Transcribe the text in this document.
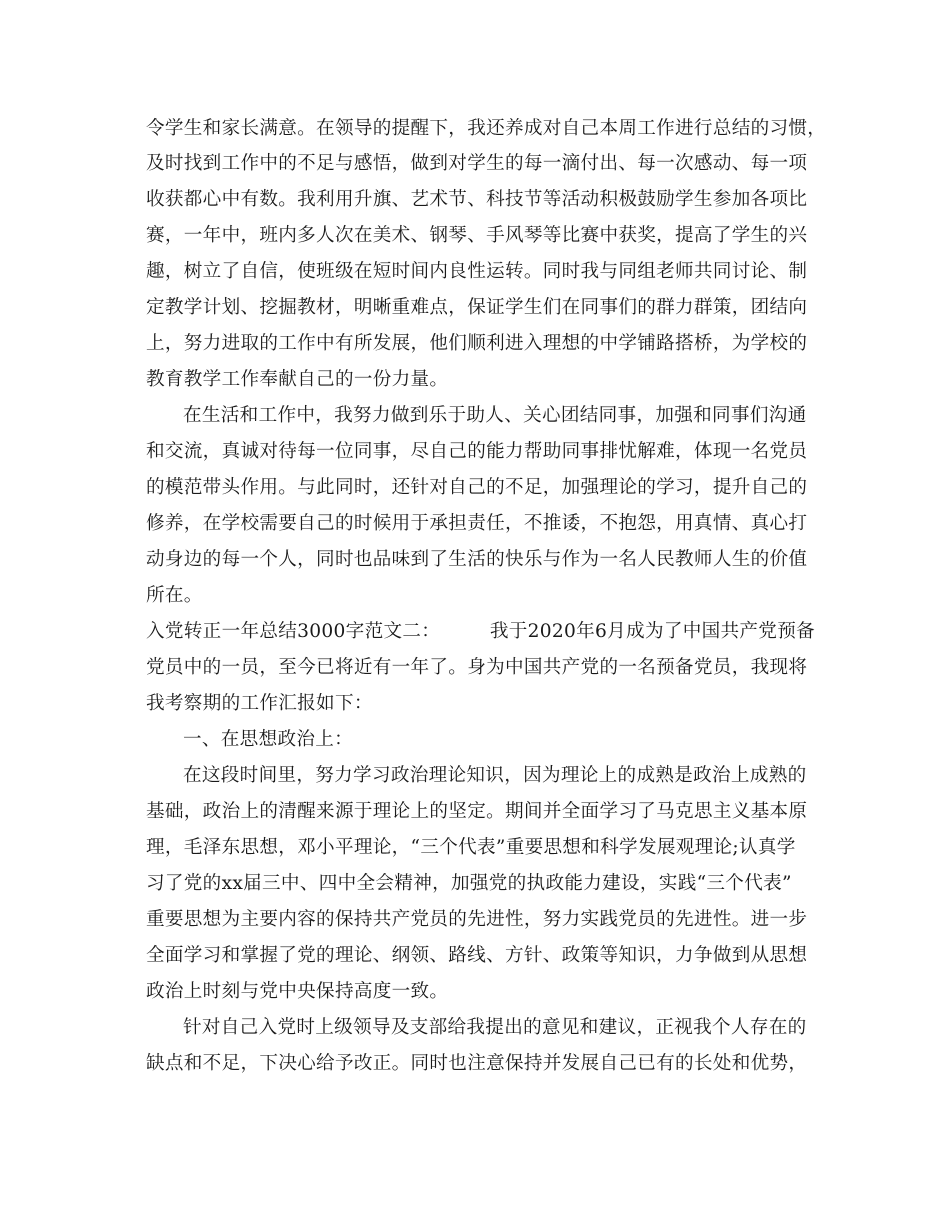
令学生和家长满意。在领导的提醒下，我还养成对自己本周工作进行总结的习惯，
及时找到工作中的不足与感悟，做到对学生的每一滴付出、每一次感动、每一项
收获都心中有数。我利用升旗、艺术节、科技节等活动积极鼓励学生参加各项比
赛，一年中，班内多人次在美术、钢琴、手风琴等比赛中获奖，提高了学生的兴
趣，树立了自信，使班级在短时间内良性运转。同时我与同组老师共同讨论、制
定教学计划、挖掘教材，明晰重难点，保证学生们在同事们的群力群策，团结向
上，努力进取的工作中有所发展，他们顺利进入理想的中学铺路搭桥，为学校的
教育教学工作奉献自己的一份力量。
在生活和工作中，我努力做到乐于助人、关心团结同事，加强和同事们沟通
和交流，真诚对待每一位同事，尽自己的能力帮助同事排忧解难，体现一名党员
的模范带头作用。与此同时，还针对自己的不足，加强理论的学习，提升自己的
修养，在学校需要自己的时候用于承担责任，不推诿，不抱怨，用真情、真心打
动身边的每一个人，同时也品味到了生活的快乐与作为一名人民教师人生的价值
所在。
入党转正一年总结3000字范文二：        我于2020年6月成为了中国共产党预备
党员中的一员，至今已将近有一年了。身为中国共产党的一名预备党员，我现将
我考察期的工作汇报如下：
一、在思想政治上：
在这段时间里，努力学习政治理论知识，因为理论上的成熟是政治上成熟的
基础，政治上的清醒来源于理论上的坚定。期间并全面学习了马克思主义基本原
理，毛泽东思想，邓小平理论，“三个代表”重要思想和科学发展观理论;认真学
习了党的xx届三中、四中全会精神，加强党的执政能力建设，实践“三个代表”
重要思想为主要内容的保持共产党员的先进性，努力实践党员的先进性。进一步
全面学习和掌握了党的理论、纲领、路线、方针、政策等知识，力争做到从思想
政治上时刻与党中央保持高度一致。
针对自己入党时上级领导及支部给我提出的意见和建议，正视我个人存在的
缺点和不足，下决心给予改正。同时也注意保持并发展自己已有的长处和优势，
